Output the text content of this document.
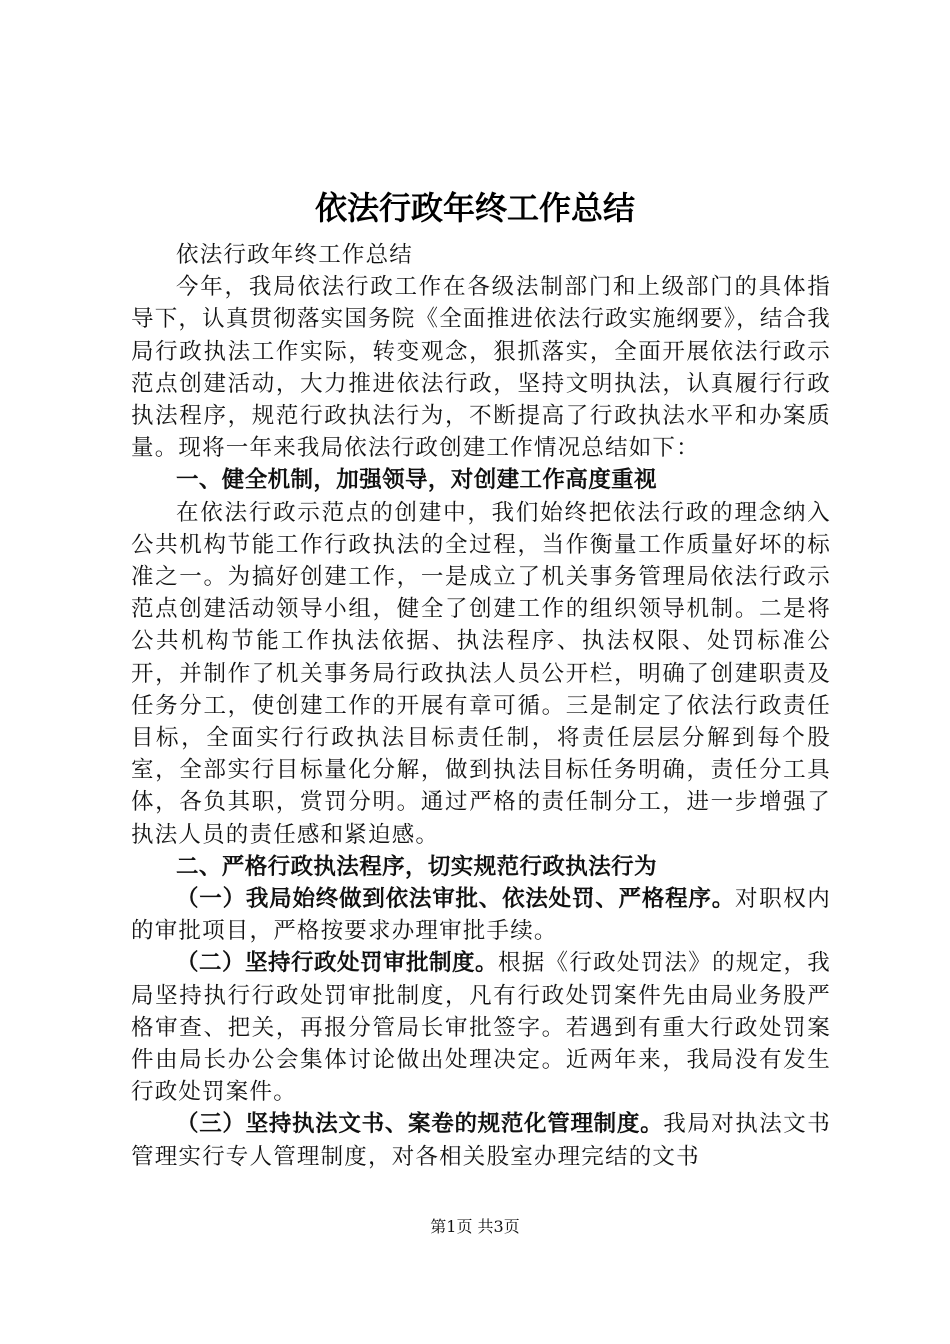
依法行政年终工作总结

依法行政年终工作总结

今年，我局依法行政工作在各级法制部门和上级部门的具体指导下，认真贯彻落实国务院《全面推进依法行政实施纲要》，结合我局行政执法工作实际，转变观念，狠抓落实，全面开展依法行政示范点创建活动，大力推进依法行政，坚持文明执法，认真履行行政执法程序，规范行政执法行为，不断提高了行政执法水平和办案质量。现将一年来我局依法行政创建工作情况总结如下：

一、健全机制，加强领导，对创建工作高度重视

在依法行政示范点的创建中，我们始终把依法行政的理念纳入公共机构节能工作行政执法的全过程，当作衡量工作质量好坏的标准之一。为搞好创建工作，一是成立了机关事务管理局依法行政示范点创建活动领导小组，健全了创建工作的组织领导机制。二是将公共机构节能工作执法依据、执法程序、执法权限、处罚标准公开，并制作了机关事务局行政执法人员公开栏，明确了创建职责及任务分工，使创建工作的开展有章可循。三是制定了依法行政责任目标，全面实行行政执法目标责任制，将责任层层分解到每个股室，全部实行目标量化分解，做到执法目标任务明确，责任分工具体，各负其职，赏罚分明。通过严格的责任制分工，进一步增强了执法人员的责任感和紧迫感。

二、严格行政执法程序，切实规范行政执法行为

（一）我局始终做到依法审批、依法处罚、严格程序。对职权内的审批项目，严格按要求办理审批手续。

（二）坚持行政处罚审批制度。根据《行政处罚法》的规定，我局坚持执行行政处罚审批制度，凡有行政处罚案件先由局业务股严格审查、把关，再报分管局长审批签字。若遇到有重大行政处罚案件由局长办公会集体讨论做出处理决定。近两年来，我局没有发生行政处罚案件。

（三）坚持执法文书、案卷的规范化管理制度。我局对执法文书管理实行专人管理制度，对各相关股室办理完结的文书

第1页 共3页
